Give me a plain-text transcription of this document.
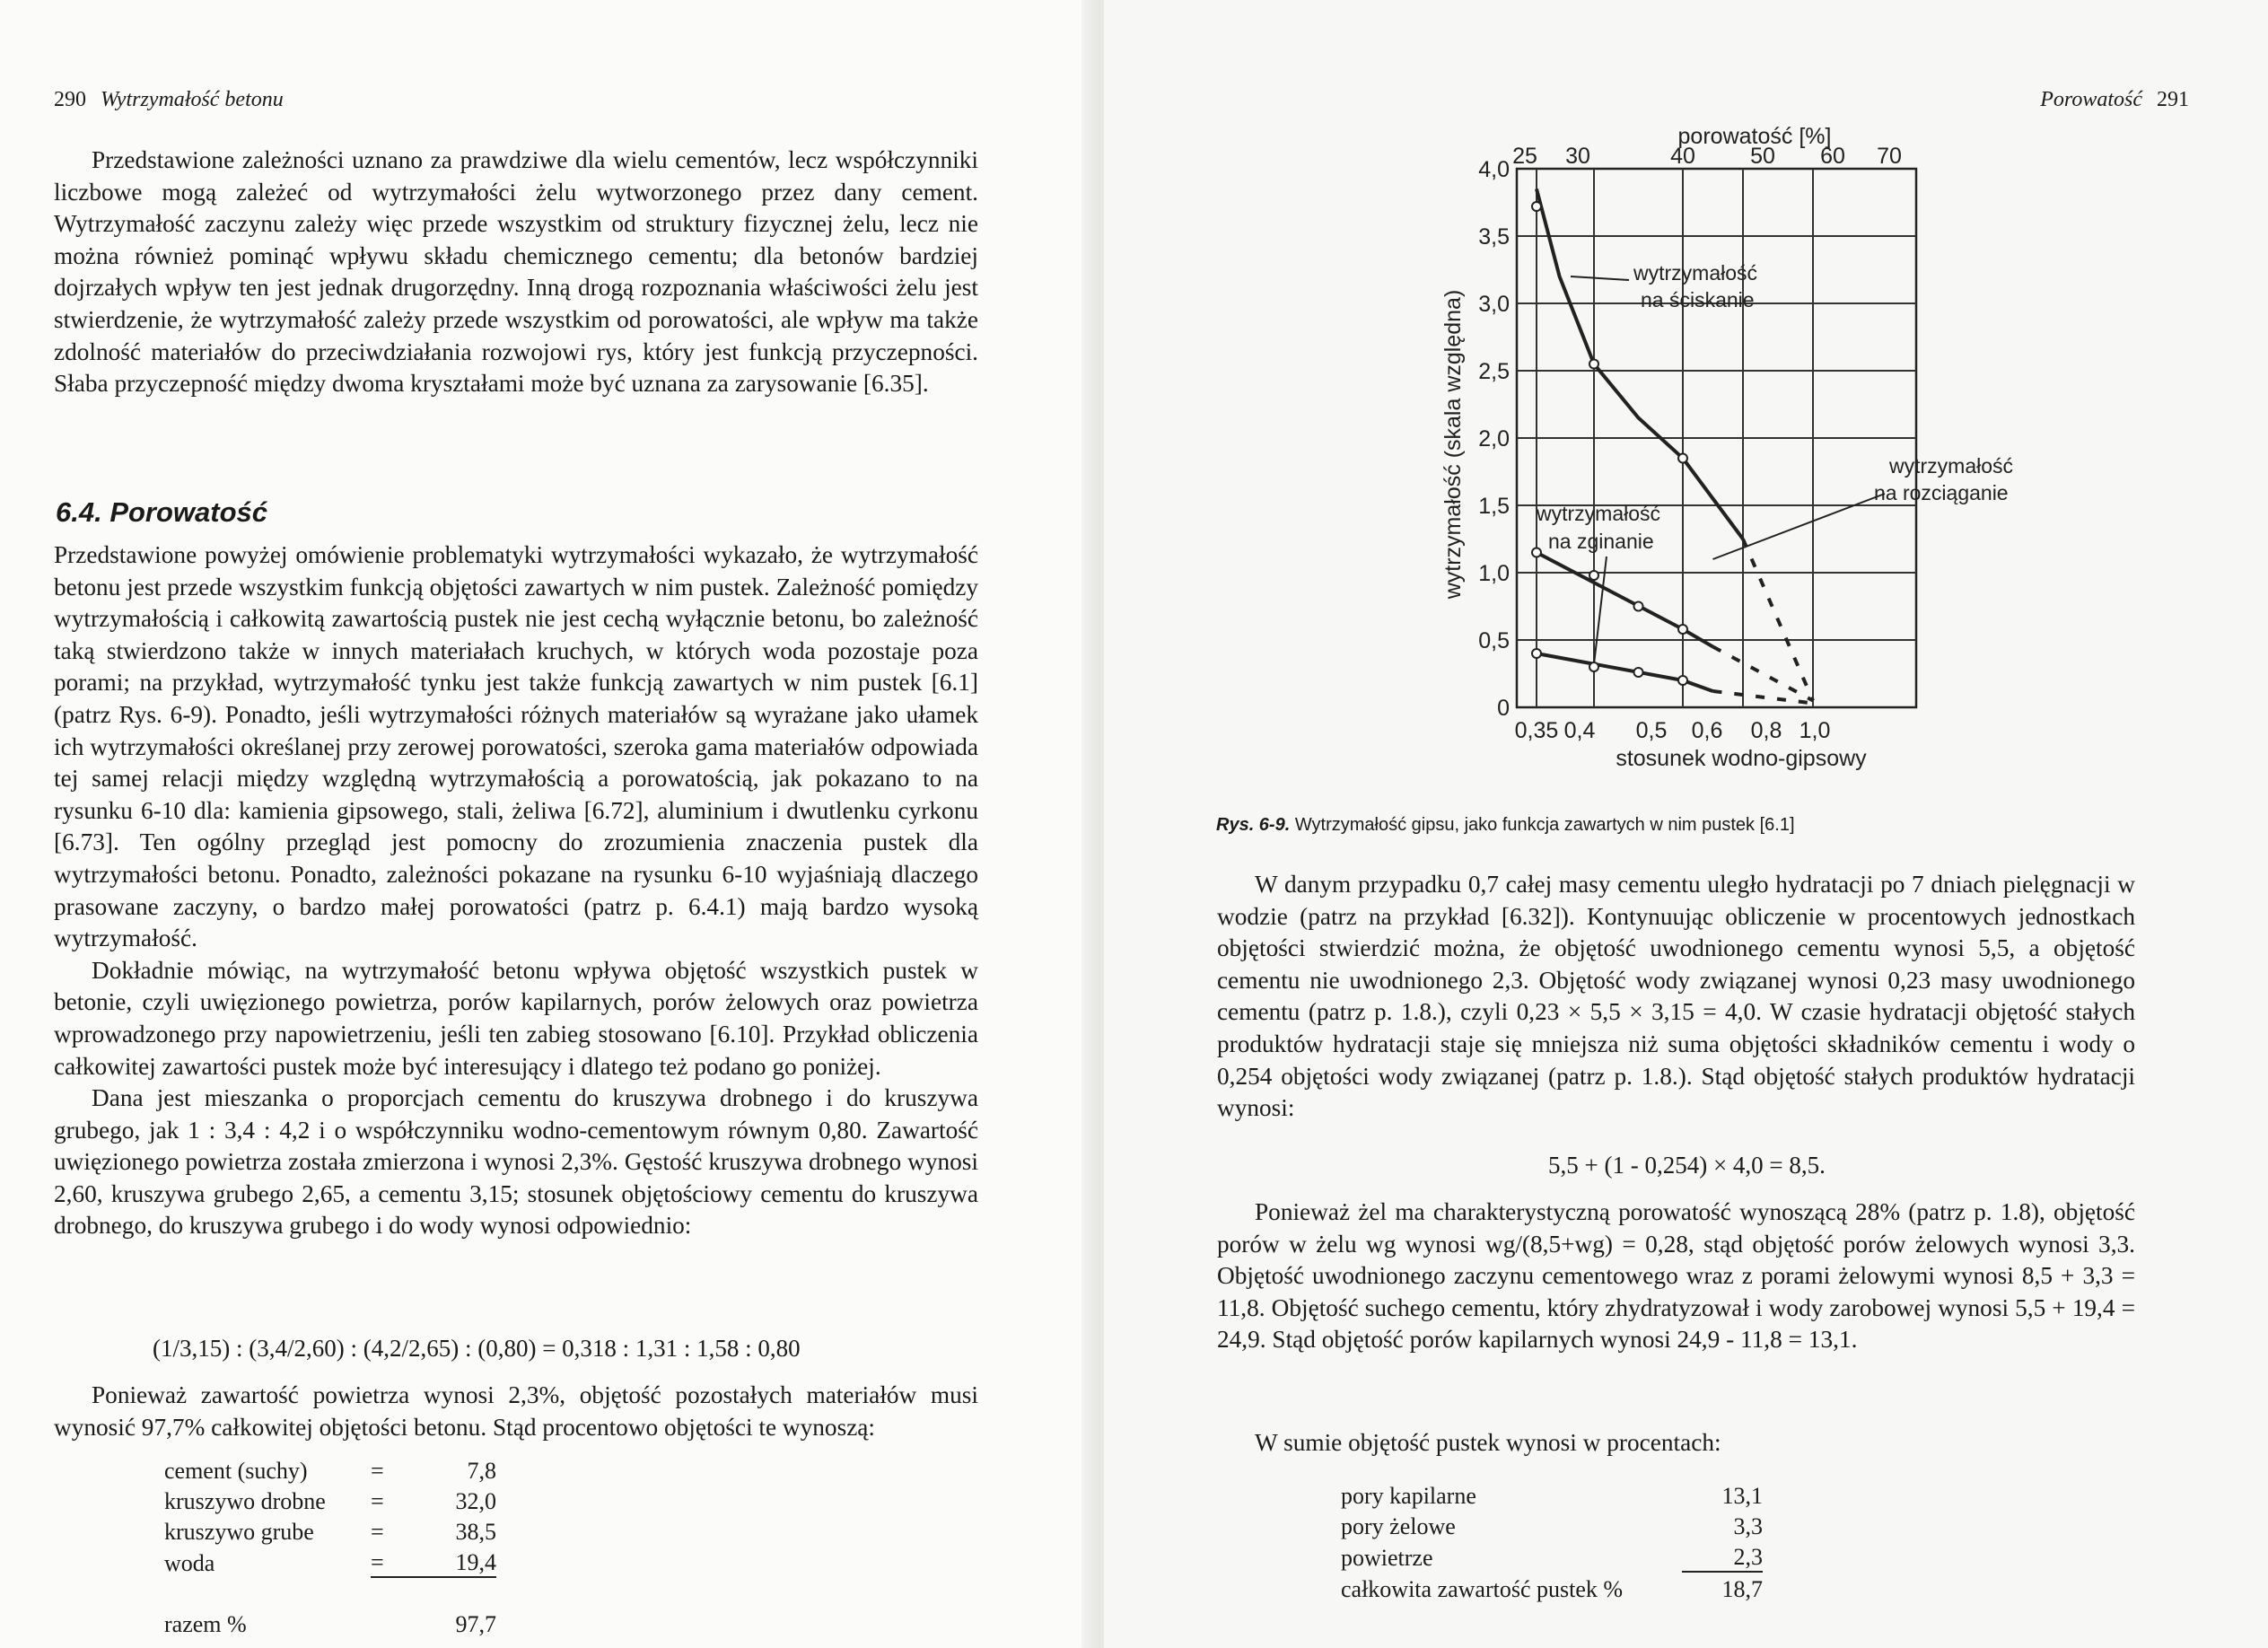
290 Wytrzymałość betonu

Przedstawione zależności uznano za prawdziwe dla wielu cementów, lecz współczynniki liczbowe mogą zależeć od wytrzymałości żelu wytworzonego przez dany cement. Wytrzymałość zaczynu zależy więc przede wszystkim od struktury fizycznej żelu, lecz nie można również pominąć wpływu składu chemicznego cementu; dla betonów bardziej dojrzałych wpływ ten jest jednak drugorzędny. Inną drogą rozpoznania właściwości żelu jest stwierdzenie, że wytrzymałość zależy przede wszystkim od porowatości, ale wpływ ma także zdolność materiałów do przeciwdziałania rozwojowi rys, który jest funkcją przyczepności. Słaba przyczepność między dwoma kryształami może być uznana za zarysowanie [6.35].

6.4. Porowatość

Przedstawione powyżej omówienie problematyki wytrzymałości wykazało, że wytrzymałość betonu jest przede wszystkim funkcją objętości zawartych w nim pustek. Zależność pomiędzy wytrzymałością i całkowitą zawartością pustek nie jest cechą wyłącznie betonu, bo zależność taką stwierdzono także w innych materiałach kruchych, w których woda pozostaje poza porami; na przykład, wytrzymałość tynku jest także funkcją zawartych w nim pustek [6.1] (patrz Rys. 6-9). Ponadto, jeśli wytrzymałości różnych materiałów są wyrażane jako ułamek ich wytrzymałości określanej przy zerowej porowatości, szeroka gama materiałów odpowiada tej samej relacji między względną wytrzymałością a porowatością, jak pokazano to na rysunku 6-10 dla: kamienia gipsowego, stali, żeliwa [6.72], aluminium i dwutlenku cyrkonu [6.73]. Ten ogólny przegląd jest pomocny do zrozumienia znaczenia pustek dla wytrzymałości betonu. Ponadto, zależności pokazane na rysunku 6-10 wyjaśniają dlaczego prasowane zaczyny, o bardzo małej porowatości (patrz p. 6.4.1) mają bardzo wysoką wytrzymałość.

Dokładnie mówiąc, na wytrzymałość betonu wpływa objętość wszystkich pustek w betonie, czyli uwięzionego powietrza, porów kapilarnych, porów żelowych oraz powietrza wprowadzonego przy napowietrzeniu, jeśli ten zabieg stosowano [6.10]. Przykład obliczenia całkowitej zawartości pustek może być interesujący i dlatego też podano go poniżej.

Dana jest mieszanka o proporcjach cementu do kruszywa drobnego i do kruszywa grubego, jak 1 : 3,4 : 4,2 i o współczynniku wodno-cementowym równym 0,80. Zawartość uwięzionego powietrza została zmierzona i wynosi 2,3%. Gęstość kruszywa drobnego wynosi 2,60, kruszywa grubego 2,65, a cementu 3,15; stosunek objętościowy cementu do kruszywa drobnego, do kruszywa grubego i do wody wynosi odpowiednio:

(1/3,15) : (3,4/2,60) : (4,2/2,65) : (0,80) = 0,318 : 1,31 : 1,58 : 0,80

Ponieważ zawartość powietrza wynosi 2,3%, objętość pozostałych materiałów musi wynosić 97,7% całkowitej objętości betonu. Stąd procentowo objętości te wynoszą:

cement (suchy)	=	7,8
kruszywo drobne	=	32,0
kruszywo grube	=	38,5
woda	=	19,4

razem %		97,7
Porowatość 291
0
0,5
1,0
1,5
2,0
2,5
3,0
3,5
4,0
0,35 0,4 0,5 0,6 0,8 1,0
25 30	40 50 60 70
porowatość [%]
stosunek wodno-gipsowy
wytrzymałość (skala względna)
wytrzymałość
na ściskanie
wytrzymałość
na rozciąganie
wytrzymałość
na zginanie
Rys. 6-9. Wytrzymałość gipsu, jako funkcja zawartych w nim pustek [6.1]

W danym przypadku 0,7 całej masy cementu uległo hydratacji po 7 dniach pielęgnacji w wodzie (patrz na przykład [6.32]). Kontynuując obliczenie w procentowych jednostkach objętości stwierdzić można, że objętość uwodnionego cementu wynosi 5,5, a objętość cementu nie uwodnionego 2,3. Objętość wody związanej wynosi 0,23 masy uwodnionego cementu (patrz p. 1.8.), czyli 0,23 × 5,5 × 3,15 = 4,0. W czasie hydratacji objętość stałych produktów hydratacji staje się mniejsza niż suma objętości składników cementu i wody o 0,254 objętości wody związanej (patrz p. 1.8.). Stąd objętość stałych produktów hydratacji wynosi:

5,5 + (1 - 0,254) × 4,0 = 8,5.

Ponieważ żel ma charakterystyczną porowatość wynoszącą 28% (patrz p. 1.8), objętość porów w żelu wg wynosi wg/(8,5+wg) = 0,28, stąd objętość porów żelowych wynosi 3,3. Objętość uwodnionego zaczynu cementowego wraz z porami żelowymi wynosi 8,5 + 3,3 = 11,8. Objętość suchego cementu, który zhydratyzował i wody zarobowej wynosi 5,5 + 19,4 = 24,9. Stąd objętość porów kapilarnych wynosi 24,9 - 11,8 = 13,1.

W sumie objętość pustek wynosi w procentach:

pory kapilarne	13,1
pory żelowe	3,3
powietrze	2,3
całkowita zawartość pustek %	18,7
